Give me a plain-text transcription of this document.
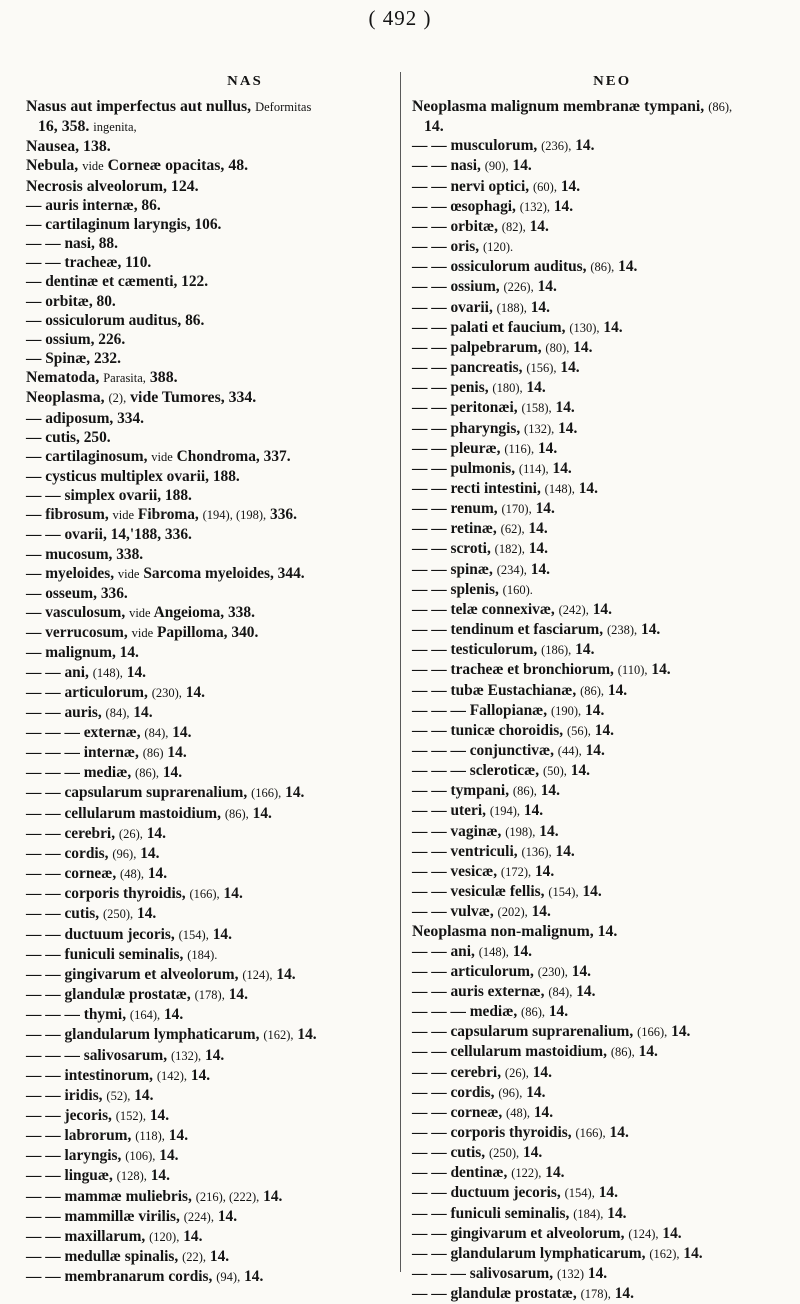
( 492 )
NAS	NEO
Nasus aut imperfectus aut nullus, Deformitas
16, 358. ingenita,
Nausea, 138.
Nebula, vide Corneæ opacitas, 48.
Necrosis alveolorum, 124.
— auris internæ, 86.
— cartilaginum laryngis, 106.
— — nasi, 88.
— — tracheæ, 110.
— dentinæ et cæmenti, 122.
— orbitæ, 80.
— ossiculorum auditus, 86.
— ossium, 226.
— Spinæ, 232.
Nematoda, Parasita, 388.
Neoplasma, (2), vide Tumores, 334.
— adiposum, 334.
— cutis, 250.
— cartilaginosum, vide Chondroma, 337.
— cysticus multiplex ovarii, 188.
— — simplex ovarii, 188.
— fibrosum, vide Fibroma, (194), (198), 336.
— — ovarii, 14,'188, 336.
— mucosum, 338.
— myeloides, vide Sarcoma myeloides, 344.
— osseum, 336.
— vasculosum, vide Angeioma, 338.
— verrucosum, vide Papilloma, 340.
— malignum, 14.
— — ani, (148), 14.
— — articulorum, (230), 14.
— — auris, (84), 14.
— — — externæ, (84), 14.
— — — internæ, (86) 14.
— — — mediæ, (86), 14.
— — capsularum suprarenalium, (166), 14.
— — cellularum mastoidium, (86), 14.
— — cerebri, (26), 14.
— — cordis, (96), 14.
— — corneæ, (48), 14.
— — corporis thyroidis, (166), 14.
— — cutis, (250), 14.
— — ductuum jecoris, (154), 14.
— — funiculi seminalis, (184).
— — gingivarum et alveolorum, (124), 14.
— — glandulæ prostatæ, (178), 14.
— — — thymi, (164), 14.
— — glandularum lymphaticarum, (162), 14.
— — — salivosarum, (132), 14.
— — intestinorum, (142), 14.
— — iridis, (52), 14.
— — jecoris, (152), 14.
— — labrorum, (118), 14.
— — laryngis, (106), 14.
— — linguæ, (128), 14.
— — mammæ muliebris, (216), (222), 14.
— — mammillæ virilis, (224), 14.
— — maxillarum, (120), 14.
— — medullæ spinalis, (22), 14.
— — membranarum cordis, (94), 14.
Neoplasma malignum membranæ tympani, (86),
14.
— — musculorum, (236), 14.
— — nasi, (90), 14.
— — nervi optici, (60), 14.
— — œsophagi, (132), 14.
— — orbitæ, (82), 14.
— — oris, (120).
— — ossiculorum auditus, (86), 14.
— — ossium, (226), 14.
— — ovarii, (188), 14.
— — palati et faucium, (130), 14.
— — palpebrarum, (80), 14.
— — pancreatis, (156), 14.
— — penis, (180), 14.
— — peritonæi, (158), 14.
— — pharyngis, (132), 14.
— — pleuræ, (116), 14.
— — pulmonis, (114), 14.
— — recti intestini, (148), 14.
— — renum, (170), 14.
— — retinæ, (62), 14.
— — scroti, (182), 14.
— — spinæ, (234), 14.
— — splenis, (160).
— — telæ connexivæ, (242), 14.
— — tendinum et fasciarum, (238), 14.
— — testiculorum, (186), 14.
— — tracheæ et bronchiorum, (110), 14.
— — tubæ Eustachianæ, (86), 14.
— — — Fallopianæ, (190), 14.
— — tunicæ choroidis, (56), 14.
— — — conjunctivæ, (44), 14.
— — — scleroticæ, (50), 14.
— — tympani, (86), 14.
— — uteri, (194), 14.
— — vaginæ, (198), 14.
— — ventriculi, (136), 14.
— — vesicæ, (172), 14.
— — vesiculæ fellis, (154), 14.
— — vulvæ, (202), 14.
Neoplasma non-malignum, 14.
— — ani, (148), 14.
— — articulorum, (230), 14.
— — auris externæ, (84), 14.
— — — mediæ, (86), 14.
— — capsularum suprarenalium, (166), 14.
— — cellularum mastoidium, (86), 14.
— — cerebri, (26), 14.
— — cordis, (96), 14.
— — corneæ, (48), 14.
— — corporis thyroidis, (166), 14.
— — cutis, (250), 14.
— — dentinæ, (122), 14.
— — ductuum jecoris, (154), 14.
— — funiculi seminalis, (184), 14.
— — gingivarum et alveolorum, (124), 14.
— — glandularum lymphaticarum, (162), 14.
— — — salivosarum, (132) 14.
— — glandulæ prostatæ, (178), 14.
